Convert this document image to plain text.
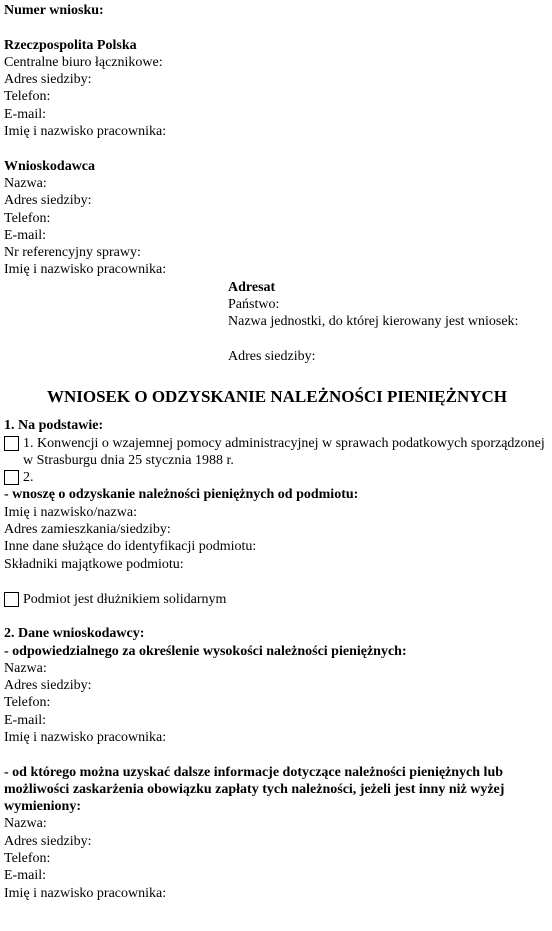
Numer wniosku:
Rzeczpospolita Polska
Centralne biuro łącznikowe:
Adres siedziby:
Telefon:
E-mail:
Imię i nazwisko pracownika:
Wnioskodawca
Nazwa:
Adres siedziby:
Telefon:
E-mail:
Nr referencyjny sprawy:
Imię i nazwisko pracownika:
Adresat
Państwo:
Nazwa jednostki, do której kierowany jest wniosek:
Adres siedziby:
WNIOSEK O ODZYSKANIE NALEŻNOŚCI PIENIĘŻNYCH
1. Na podstawie:
1. Konwencji o wzajemnej pomocy administracyjnej w sprawach podatkowych sporządzonej w Strasburgu dnia 25 stycznia 1988 r.
2.
- wnoszę o odzyskanie należności pieniężnych od podmiotu:
Imię i nazwisko/nazwa:
Adres zamieszkania/siedziby:
Inne dane służące do identyfikacji podmiotu:
Składniki majątkowe podmiotu:
Podmiot jest dłużnikiem solidarnym
2. Dane wnioskodawcy:
- odpowiedzialnego za określenie wysokości należności pieniężnych:
Nazwa:
Adres siedziby:
Telefon:
E-mail:
Imię i nazwisko pracownika:
- od którego można uzyskać dalsze informacje dotyczące należności pieniężnych lub możliwości zaskarżenia obowiązku zapłaty tych należności, jeżeli jest inny niż wyżej wymieniony:
Nazwa:
Adres siedziby:
Telefon:
E-mail:
Imię i nazwisko pracownika:
